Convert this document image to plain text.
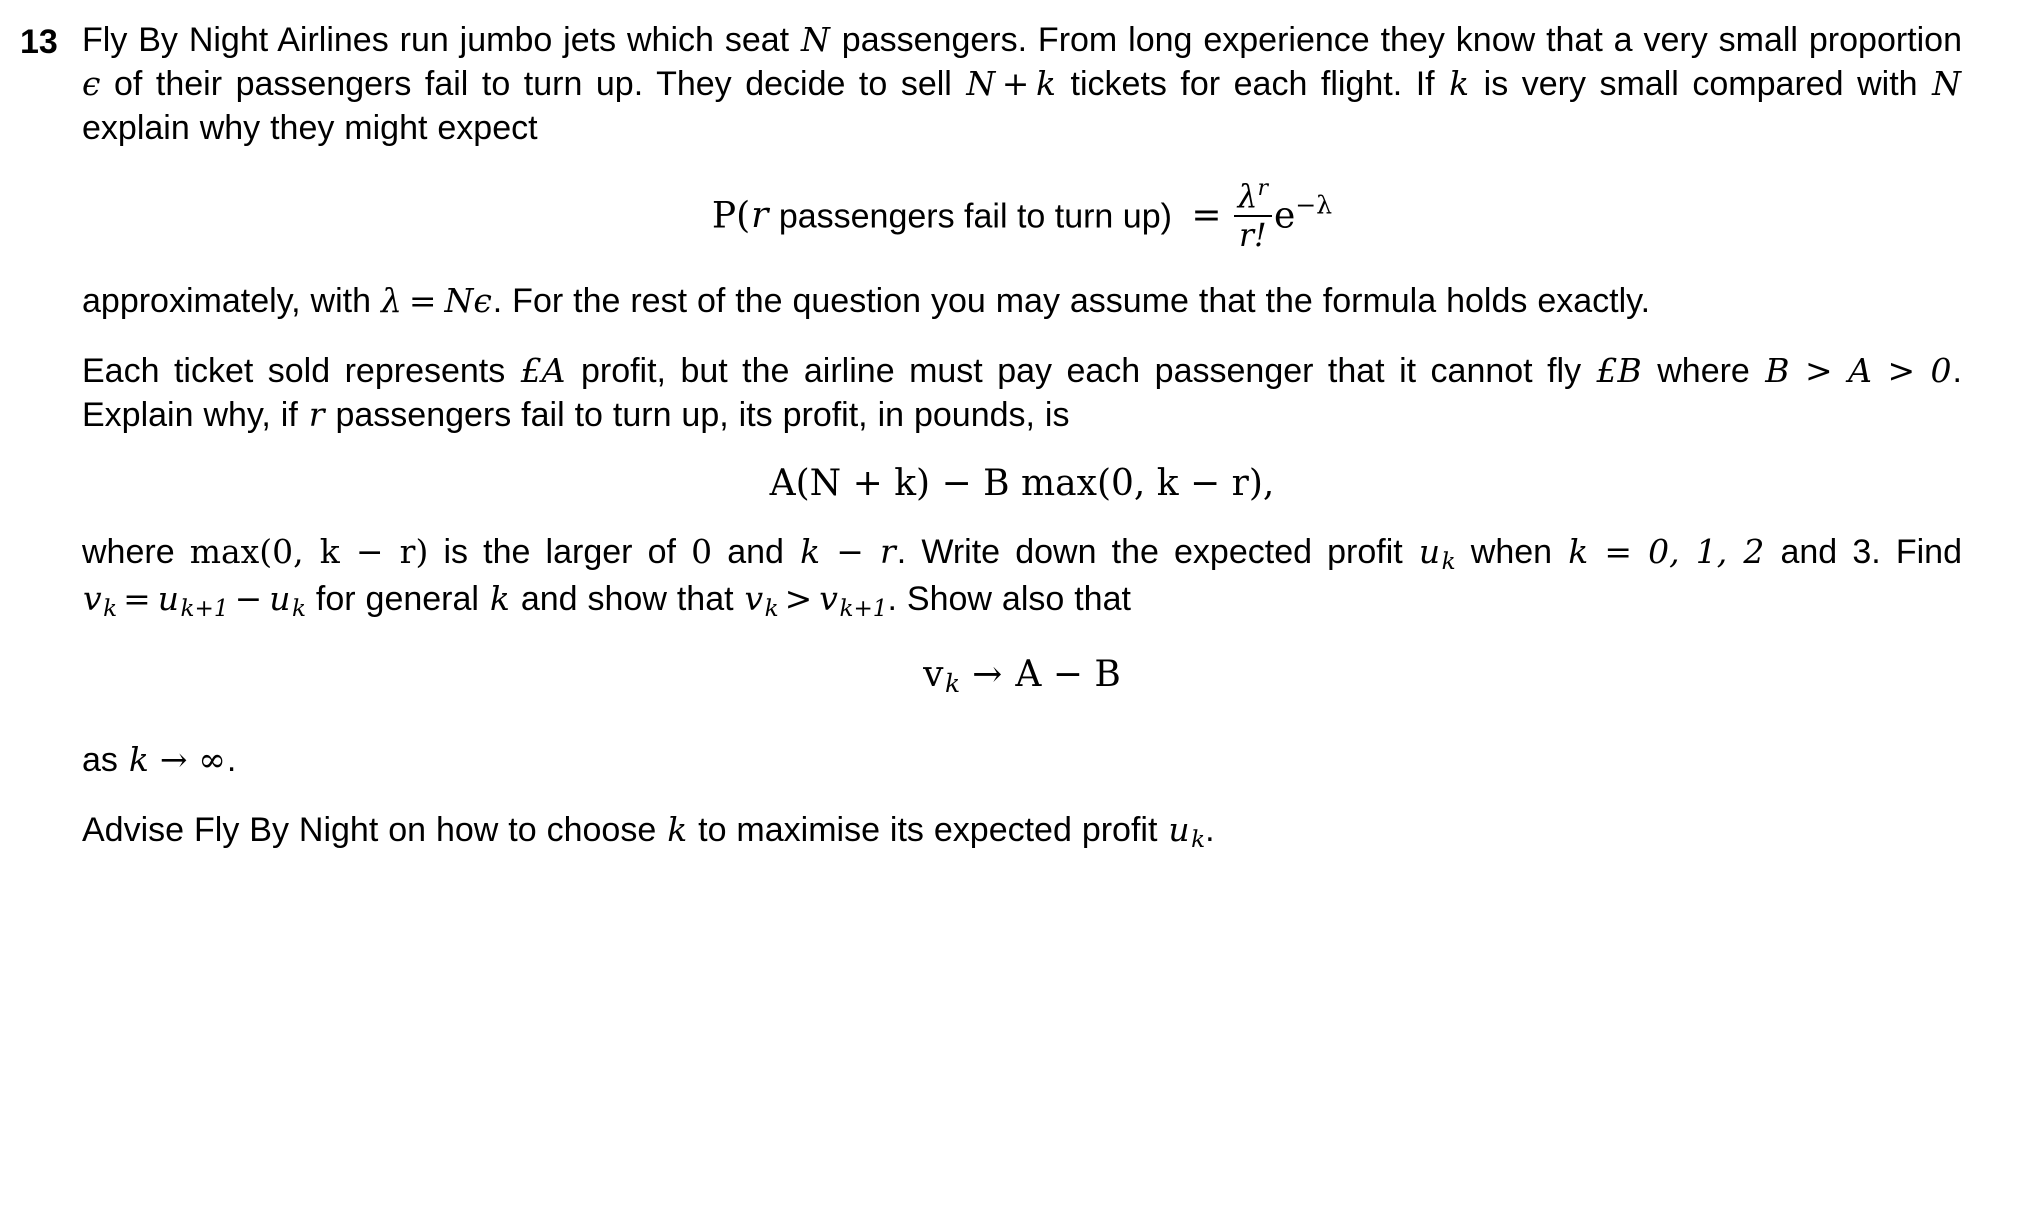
13 Fly By Night Airlines run jumbo jets which seat N passengers. From long experience they know that a very small proportion ϵ of their passengers fail to turn up. They decide to sell N + k tickets for each flight. If k is very small compared with N explain why they might expect

P(r passengers fail to turn $up) = \frac{\lambda^r}{r!} e^{-\lambda}$

approximately, with λ = Nϵ. For the rest of the question you may assume that the formula holds exactly.

Each ticket sold represents £A profit, but the airline must pay each passenger that it cannot fly £B where B > A > 0. Explain why, if r passengers fail to turn up, its profit, in pounds, is

A(N + k) − B max(0, k − r),

where max(0, k − r) is the larger of 0 and k − r. Write down the expected profit $u_k$ when k = 0, 1, 2 and 3. Find $v_k = u_{k+1} - u_k$ for general k and show that $v_k > v_{k+1}$. Show also that

$v_k \to A - B$

as k → ∞.

Advise Fly By Night on how to choose k to maximise its expected profit $u_k$.
